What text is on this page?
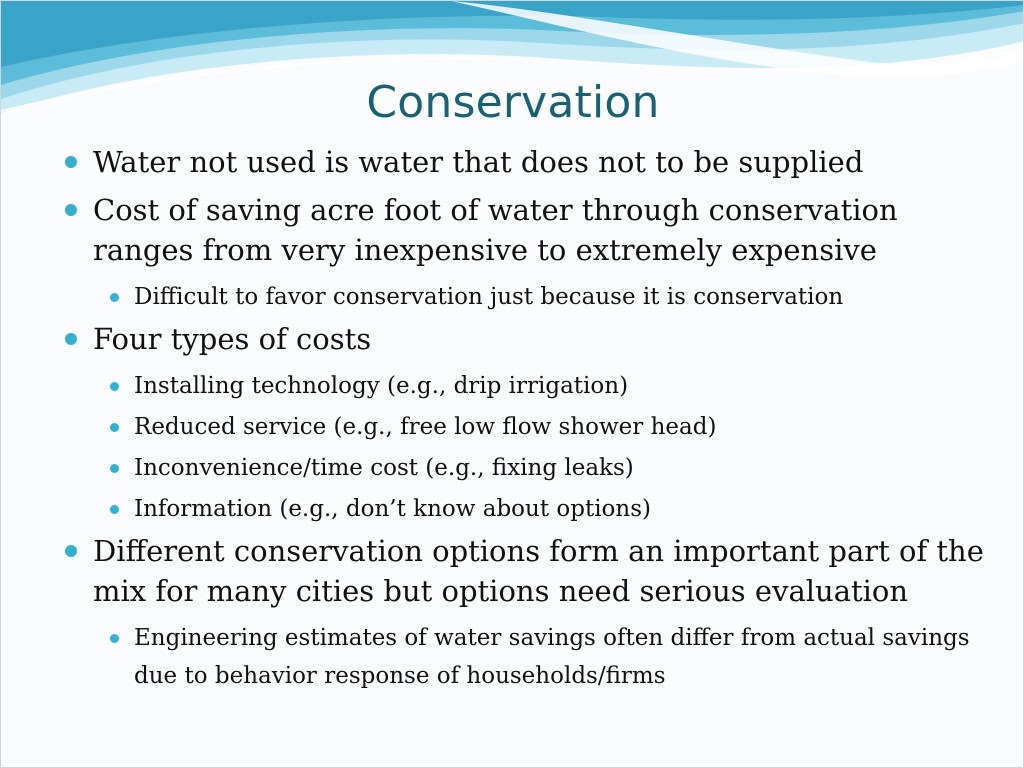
Conservation

Water not used is water that does not to be supplied

Cost of saving acre foot of water through conservation ranges from very inexpensive to extremely expensive

Difficult to favor conservation just because it is conservation

Four types of costs

Installing technology (e.g., drip irrigation)

Reduced service (e.g., free low flow shower head)

Inconvenience/time cost (e.g., fixing leaks)

Information (e.g., don’t know about options)

Different conservation options form an important part of the mix for many cities but options need serious evaluation

Engineering estimates of water savings often differ from actual savings due to behavior response of households/firms
